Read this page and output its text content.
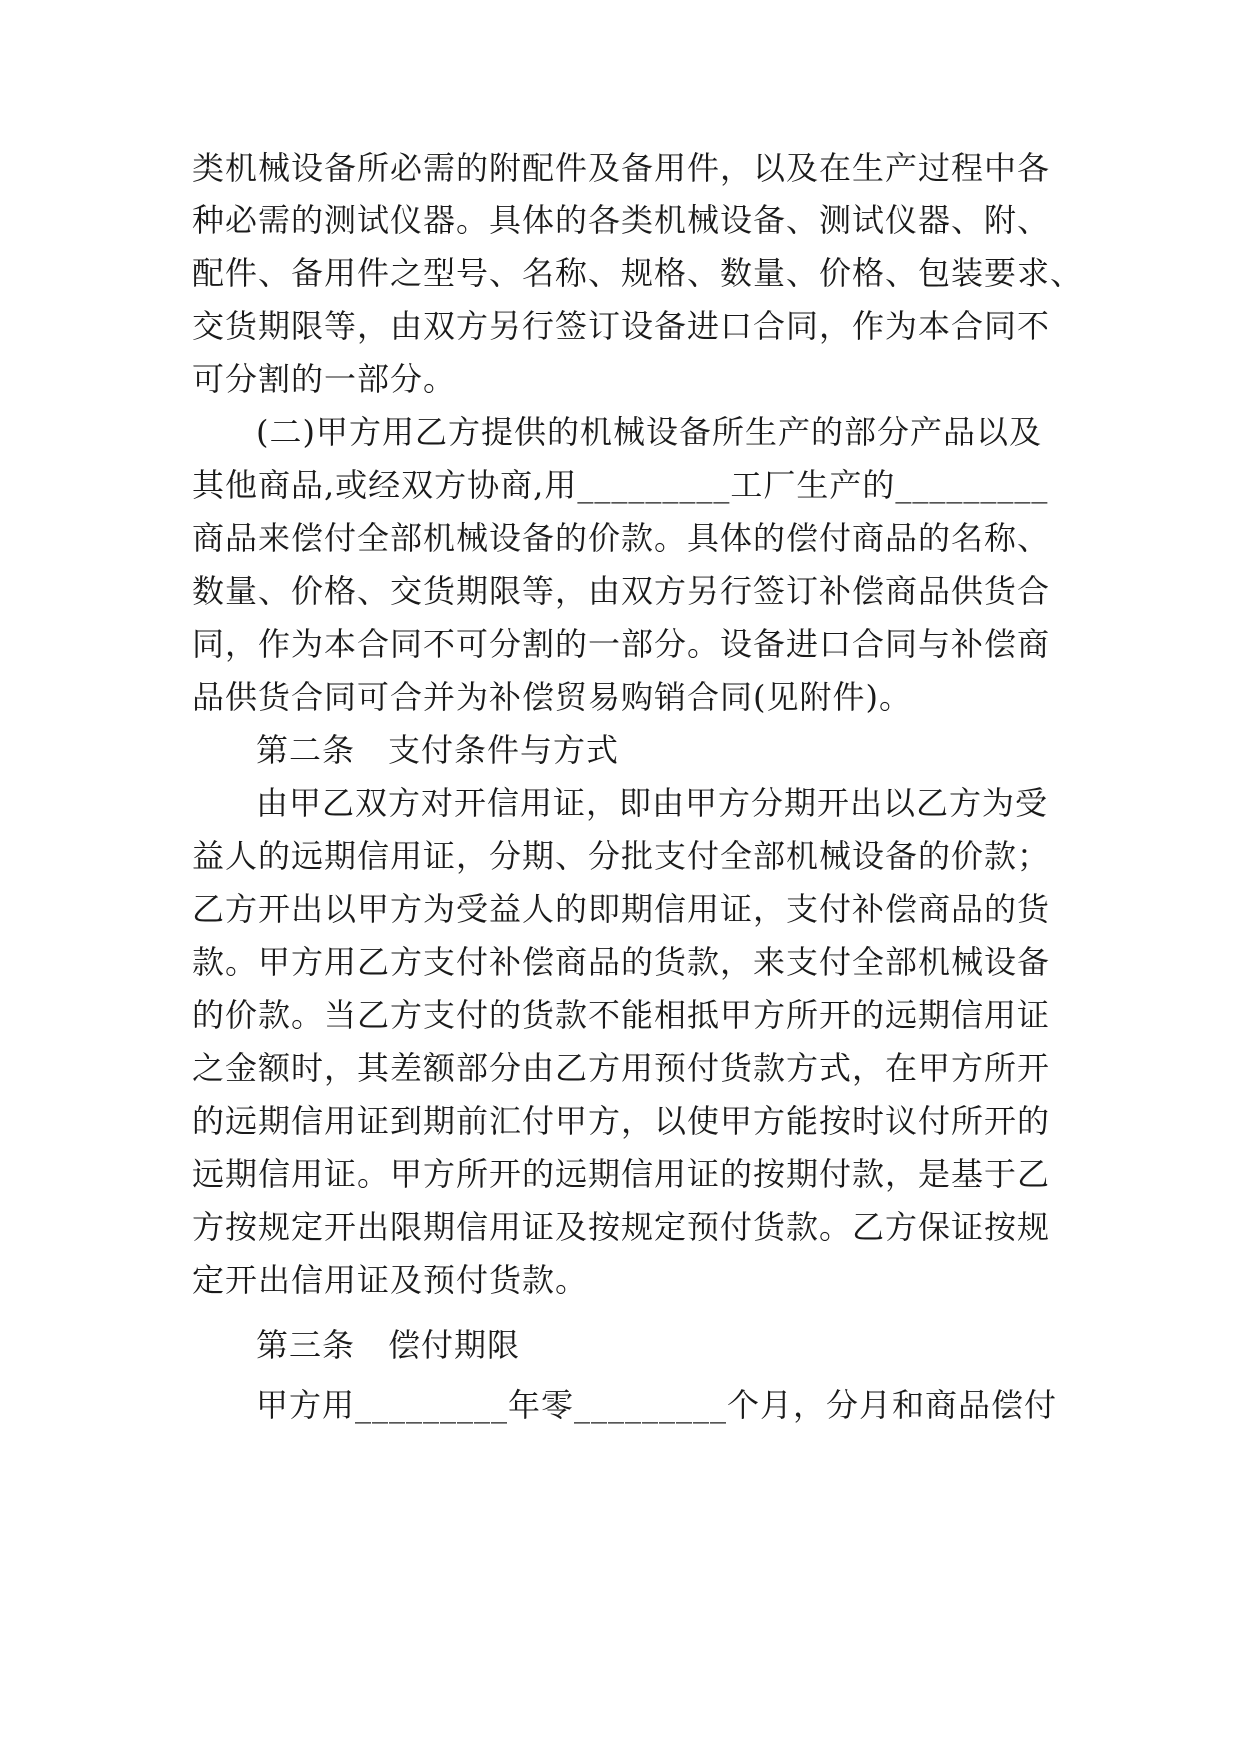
类机械设备所必需的附配件及备用件，以及在生产过程中各

种必需的测试仪器。具体的各类机械设备、测试仪器、附、

配件、备用件之型号、名称、规格、数量、价格、包装要求、

交货期限等，由双方另行签订设备进口合同，作为本合同不

可分割的一部分。

(二)甲方用乙方提供的机械设备所生产的部分产品以及

其他商品,或经双方协商,用_________工厂生产的_________

商品来偿付全部机械设备的价款。具体的偿付商品的名称、

数量、价格、交货期限等，由双方另行签订补偿商品供货合

同，作为本合同不可分割的一部分。设备进口合同与补偿商

品供货合同可合并为补偿贸易购销合同(见附件)。

第二条　支付条件与方式

由甲乙双方对开信用证，即由甲方分期开出以乙方为受

益人的远期信用证，分期、分批支付全部机械设备的价款；

乙方开出以甲方为受益人的即期信用证，支付补偿商品的货

款。甲方用乙方支付补偿商品的货款，来支付全部机械设备

的价款。当乙方支付的货款不能相抵甲方所开的远期信用证

之金额时，其差额部分由乙方用预付货款方式，在甲方所开

的远期信用证到期前汇付甲方，以使甲方能按时议付所开的

远期信用证。甲方所开的远期信用证的按期付款，是基于乙

方按规定开出限期信用证及按规定预付货款。乙方保证按规

定开出信用证及预付货款。

第三条　偿付期限

甲方用_________年零_________个月，分月和商品偿付
